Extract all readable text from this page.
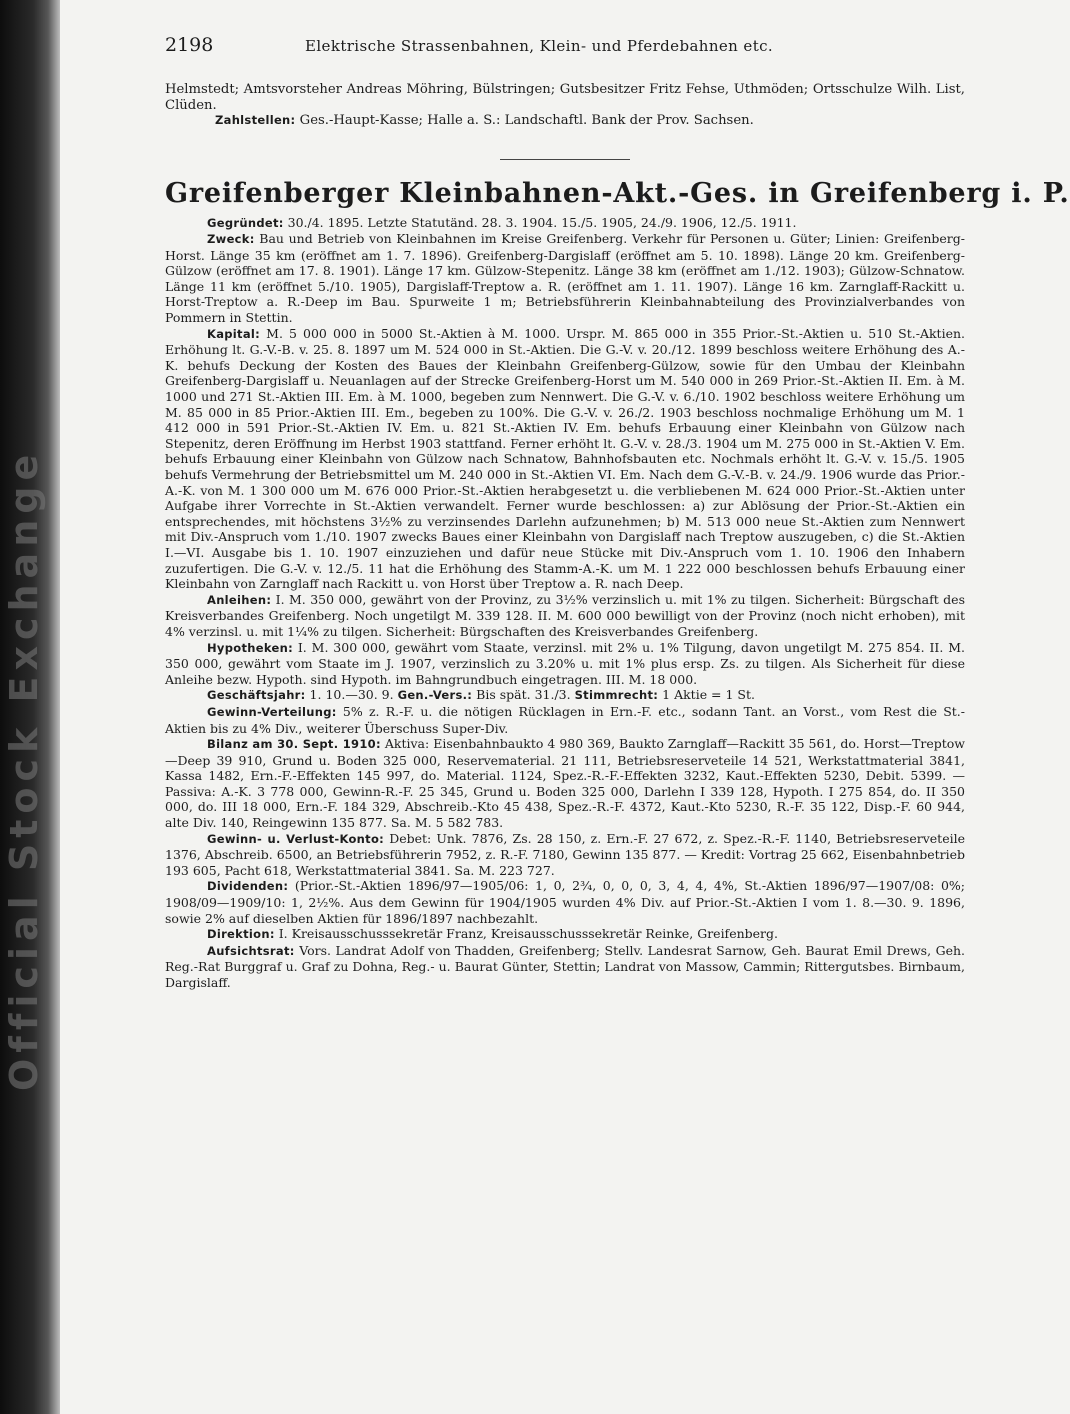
Official Stock Exchange
2198	Elektrische Strassenbahnen, Klein- und Pferdebahnen etc.

Helmstedt; Amtsvorsteher Andreas Möhring, Bülstringen; Gutsbesitzer Fritz Fehse, Uthmöden; Ortsschulze Wilh. List, Clüden.

Zahlstellen: Ges.-Haupt-Kasse; Halle a. S.: Landschaftl. Bank der Prov. Sachsen.

Greifenberger Kleinbahnen-Akt.-Ges. in Greifenberg i. P.

Gegründet: 30./4. 1895. Letzte Statutänd. 28. 3. 1904. 15./5. 1905, 24./9. 1906, 12./5. 1911.

Zweck: Bau und Betrieb von Kleinbahnen im Kreise Greifenberg. Verkehr für Personen u. Güter; Linien: Greifenberg-Horst. Länge 35 km (eröffnet am 1. 7. 1896). Greifenberg-Dargislaff (eröffnet am 5. 10. 1898). Länge 20 km. Greifenberg-Gülzow (eröffnet am 17. 8. 1901). Länge 17 km. Gülzow-Stepenitz. Länge 38 km (eröffnet am 1./12. 1903); Gülzow-Schnatow. Länge 11 km (eröffnet 5./10. 1905), Dargislaff-Treptow a. R. (eröffnet am 1. 11. 1907). Länge 16 km. Zarnglaff-Rackitt u. Horst-Treptow a. R.-Deep im Bau. Spurweite 1 m; Betriebsführerin Kleinbahnabteilung des Provinzialverbandes von Pommern in Stettin.

Kapital: M. 5 000 000 in 5000 St.-Aktien à M. 1000. Urspr. M. 865 000 in 355 Prior.-St.-Aktien u. 510 St.-Aktien. Erhöhung lt. G.-V.-B. v. 25. 8. 1897 um M. 524 000 in St.-Aktien. Die G.-V. v. 20./12. 1899 beschloss weitere Erhöhung des A.-K. behufs Deckung der Kosten des Baues der Kleinbahn Greifenberg-Gülzow, sowie für den Umbau der Kleinbahn Greifenberg-Dargislaff u. Neuanlagen auf der Strecke Greifenberg-Horst um M. 540 000 in 269 Prior.-St.-Aktien II. Em. à M. 1000 und 271 St.-Aktien III. Em. à M. 1000, begeben zum Nennwert. Die G.-V. v. 6./10. 1902 beschloss weitere Erhöhung um M. 85 000 in 85 Prior.-Aktien III. Em., begeben zu 100%. Die G.-V. v. 26./2. 1903 beschloss nochmalige Erhöhung um M. 1 412 000 in 591 Prior.-St.-Aktien IV. Em. u. 821 St.-Aktien IV. Em. behufs Erbauung einer Kleinbahn von Gülzow nach Stepenitz, deren Eröffnung im Herbst 1903 stattfand. Ferner erhöht lt. G.-V. v. 28./3. 1904 um M. 275 000 in St.-Aktien V. Em. behufs Erbauung einer Kleinbahn von Gülzow nach Schnatow, Bahnhofsbauten etc. Nochmals erhöht lt. G.-V. v. 15./5. 1905 behufs Vermehrung der Betriebsmittel um M. 240 000 in St.-Aktien VI. Em. Nach dem G.-V.-B. v. 24./9. 1906 wurde das Prior.-A.-K. von M. 1 300 000 um M. 676 000 Prior.-St.-Aktien herabgesetzt u. die verbliebenen M. 624 000 Prior.-St.-Aktien unter Aufgabe ihrer Vorrechte in St.-Aktien verwandelt. Ferner wurde beschlossen: a) zur Ablösung der Prior.-St.-Aktien ein entsprechendes, mit höchstens 3½% zu verzinsendes Darlehn aufzunehmen; b) M. 513 000 neue St.-Aktien zum Nennwert mit Div.-Anspruch vom 1./10. 1907 zwecks Baues einer Kleinbahn von Dargislaff nach Treptow auszugeben, c) die St.-Aktien I.—VI. Ausgabe bis 1. 10. 1907 einzuziehen und dafür neue Stücke mit Div.-Anspruch vom 1. 10. 1906 den Inhabern zuzufertigen. Die G.-V. v. 12./5. 11 hat die Erhöhung des Stamm-A.-K. um M. 1 222 000 beschlossen behufs Erbauung einer Kleinbahn von Zarnglaff nach Rackitt u. von Horst über Treptow a. R. nach Deep.

Anleihen: I. M. 350 000, gewährt von der Provinz, zu 3½% verzinslich u. mit 1% zu tilgen. Sicherheit: Bürgschaft des Kreisverbandes Greifenberg. Noch ungetilgt M. 339 128. II. M. 600 000 bewilligt von der Provinz (noch nicht erhoben), mit 4% verzinsl. u. mit 1¼% zu tilgen. Sicherheit: Bürgschaften des Kreisverbandes Greifenberg.

Hypotheken: I. M. 300 000, gewährt vom Staate, verzinsl. mit 2% u. 1% Tilgung, davon ungetilgt M. 275 854. II. M. 350 000, gewährt vom Staate im J. 1907, verzinslich zu 3.20% u. mit 1% plus ersp. Zs. zu tilgen. Als Sicherheit für diese Anleihe bezw. Hypoth. sind Hypoth. im Bahngrundbuch eingetragen. III. M. 18 000.

Geschäftsjahr: 1. 10.—30. 9. Gen.-Vers.: Bis spät. 31./3. Stimmrecht: 1 Aktie = 1 St.

Gewinn-Verteilung: 5% z. R.-F. u. die nötigen Rücklagen in Ern.-F. etc., sodann Tant. an Vorst., vom Rest die St.-Aktien bis zu 4% Div., weiterer Überschuss Super-Div.

Bilanz am 30. Sept. 1910: Aktiva: Eisenbahnbaukto 4 980 369, Baukto Zarnglaff—Rackitt 35 561, do. Horst—Treptow—Deep 39 910, Grund u. Boden 325 000, Reservematerial. 21 111, Betriebsreserveteile 14 521, Werkstattmaterial 3841, Kassa 1482, Ern.-F.-Effekten 145 997, do. Material. 1124, Spez.-R.-F.-Effekten 3232, Kaut.-Effekten 5230, Debit. 5399. — Passiva: A.-K. 3 778 000, Gewinn-R.-F. 25 345, Grund u. Boden 325 000, Darlehn I 339 128, Hypoth. I 275 854, do. II 350 000, do. III 18 000, Ern.-F. 184 329, Abschreib.-Kto 45 438, Spez.-R.-F. 4372, Kaut.-Kto 5230, R.-F. 35 122, Disp.-F. 60 944, alte Div. 140, Reingewinn 135 877. Sa. M. 5 582 783.

Gewinn- u. Verlust-Konto: Debet: Unk. 7876, Zs. 28 150, z. Ern.-F. 27 672, z. Spez.-R.-F. 1140, Betriebsreserveteile 1376, Abschreib. 6500, an Betriebsführerin 7952, z. R.-F. 7180, Gewinn 135 877. — Kredit: Vortrag 25 662, Eisenbahnbetrieb 193 605, Pacht 618, Werkstattmaterial 3841. Sa. M. 223 727.

Dividenden: (Prior.-St.-Aktien 1896/97—1905/06: 1, 0, 2¾, 0, 0, 0, 3, 4, 4, 4%, St.-Aktien 1896/97—1907/08: 0%; 1908/09—1909/10: 1, 2½%. Aus dem Gewinn für 1904/1905 wurden 4% Div. auf Prior.-St.-Aktien I vom 1. 8.—30. 9. 1896, sowie 2% auf dieselben Aktien für 1896/1897 nachbezahlt.

Direktion: I. Kreisausschusssekretär Franz, Kreisausschusssekretär Reinke, Greifenberg.

Aufsichtsrat: Vors. Landrat Adolf von Thadden, Greifenberg; Stellv. Landesrat Sarnow, Geh. Baurat Emil Drews, Geh. Reg.-Rat Burggraf u. Graf zu Dohna, Reg.- u. Baurat Günter, Stettin; Landrat von Massow, Cammin; Rittergutsbes. Birnbaum, Dargislaff.
